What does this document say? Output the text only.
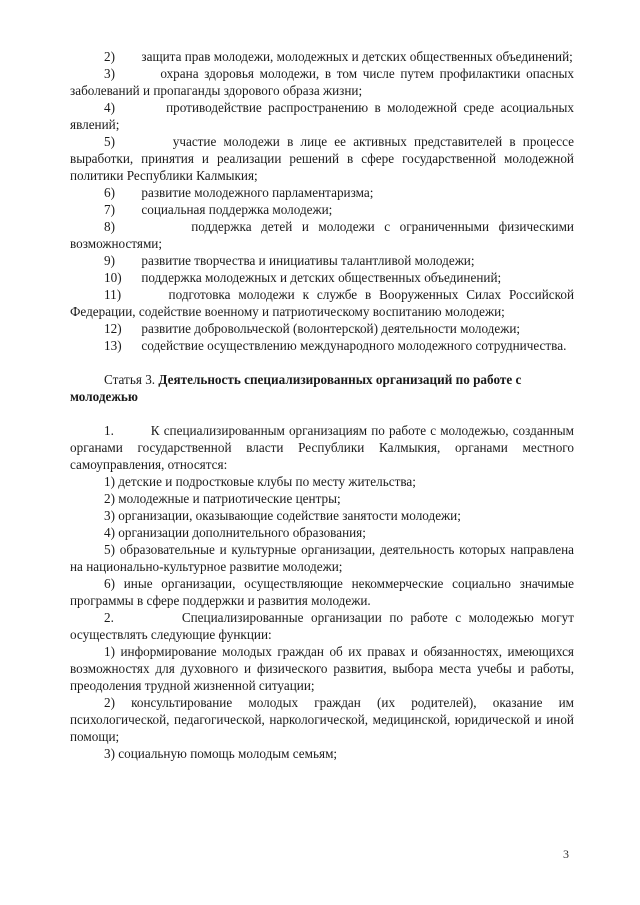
2) защита прав молодежи, молодежных и детских общественных объединений;

3)	охрана здоровья молодежи, в том числе путем профилактики опасных заболеваний и пропаганды здорового образа жизни;

4)	противодействие распространению в молодежной среде асоциальных явлений;

5)	участие молодежи в лице ее активных представителей в процессе выработки, принятия и реализации решений в сфере государственной молодежной политики Республики Калмыкия;

6) развитие молодежного парламентаризма;

7) социальная поддержка молодежи;

8)	поддержка детей и молодежи с ограниченными физическими возможностями;

9) развитие творчества и инициативы талантливой молодежи;

10) поддержка молодежных и детских общественных объединений;

11)	подготовка молодежи к службе в Вооруженных Силах Российской Федерации, содействие военному и патриотическому воспитанию молодежи;

12) развитие добровольческой (волонтерской) деятельности молодежи;

13) содействие осуществлению международного молодежного сотрудничества.

Статья 3. Деятельность специализированных организаций по работе с молодежью

1.	К специализированным организациям по работе с молодежью, созданным органами государственной власти Республики Калмыкия, органами местного самоуправления, относятся:

1) детские и подростковые клубы по месту жительства;

2) молодежные и патриотические центры;

3) организации, оказывающие содействие занятости молодежи;

4) организации дополнительного образования;

5) образовательные и культурные организации, деятельность которых направлена на национально-культурное развитие молодежи;

6) иные организации, осуществляющие некоммерческие социально значимые программы в сфере поддержки и развития молодежи.

2.	Специализированные организации по работе с молодежью могут осуществлять следующие функции:

1) информирование молодых граждан об их правах и обязанностях, имеющихся возможностях для духовного и физического развития, выбора места учебы и работы, преодоления трудной жизненной ситуации;

2) консультирование молодых граждан (их родителей), оказание им психологической, педагогической, наркологической, медицинской, юридической и иной помощи;

3) социальную помощь молодым семьям;

3
